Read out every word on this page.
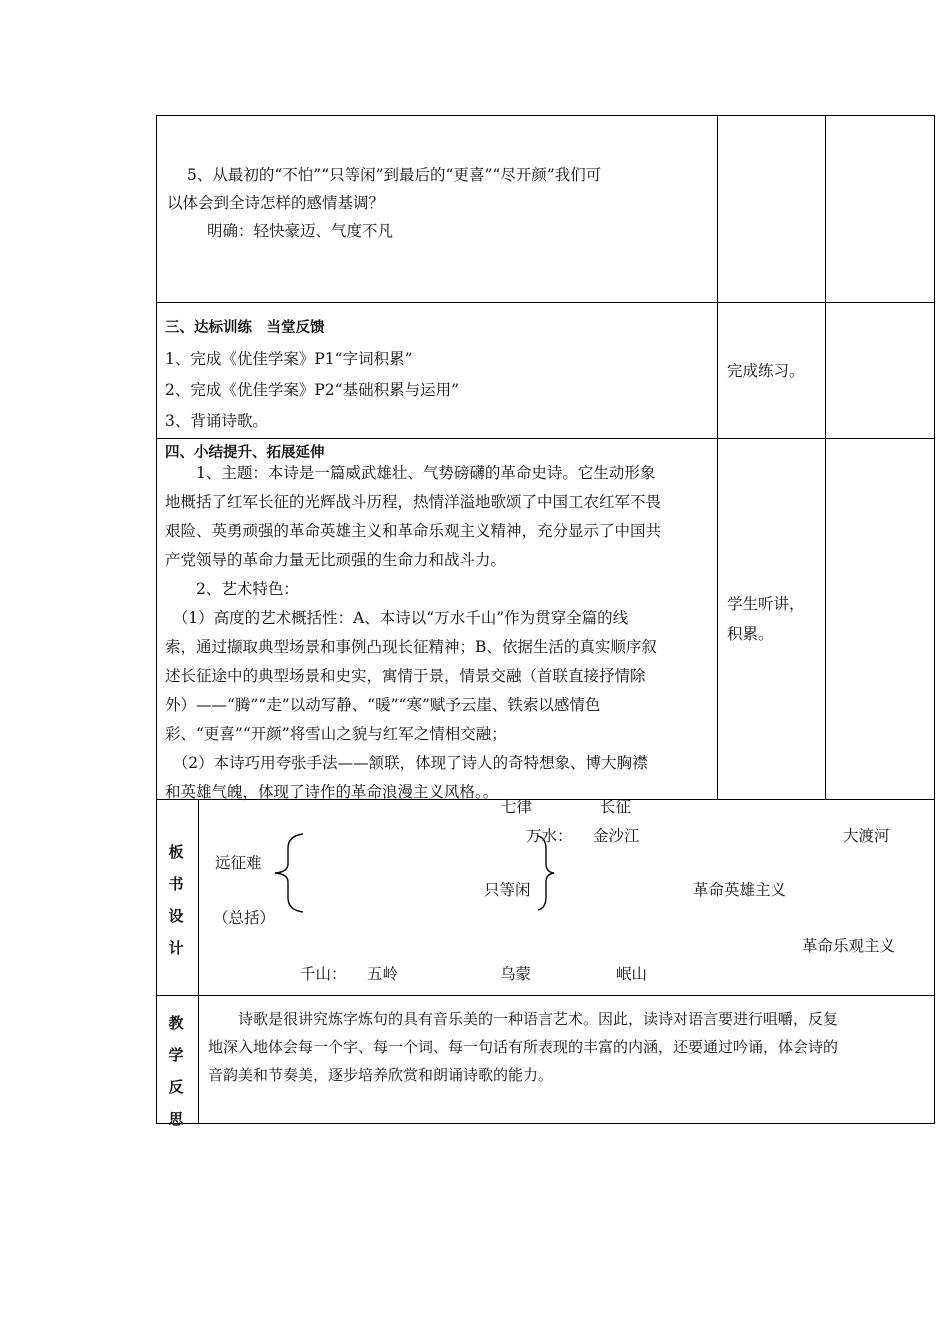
5、从最初的“不怕”“只等闲”到最后的“更喜”“尽开颜”我们可
以体会到全诗怎样的感情基调？
明确：轻快豪迈、气度不凡
三、达标训练　当堂反馈
1、完成《优佳学案》P1“字词积累”
2、完成《优佳学案》P2“基础积累与运用”
3、背诵诗歌。
完成练习。
四、小结提升、拓展延伸

　　1、主题：本诗是一篇威武雄壮、气势磅礴的革命史诗。它生动形象

地概括了红军长征的光辉战斗历程，热情洋溢地歌颂了中国工农红军不畏

艰险、英勇顽强的革命英雄主义和革命乐观主义精神，充分显示了中国共

产党领导的革命力量无比顽强的生命力和战斗力。

　　2、艺术特色：

　（1）高度的艺术概括性：A、本诗以“万水千山”作为贯穿全篇的线

索，通过撷取典型场景和事例凸现长征精神；B、依据生活的真实顺序叙

述长征途中的典型场景和史实，寓情于景，情景交融（首联直接抒情除

外）——“腾”“走”以动写静、“暖”“寒”赋予云崖、铁索以感情色

彩、“更喜”“开颜”将雪山之貌与红军之情相交融；

　（2）本诗巧用夸张手法——颔联，体现了诗人的奇特想象、博大胸襟

和英雄气魄，体现了诗作的革命浪漫主义风格。。

学生听讲，
积累。
板
书
设
计
七律	长征
万水： 金沙江	大渡河
远征难
只等闲	革命英雄主义
（总括）
革命乐观主义
千山： 五岭	乌蒙	岷山
教
学
反
思

　　诗歌是很讲究炼字炼句的具有音乐美的一种语言艺术。因此，读诗对语言要进行咀嚼，反复

地深入地体会每一个字、每一个词、每一句话有所表现的丰富的内涵，还要通过吟诵，体会诗的

音韵美和节奏美，逐步培养欣赏和朗诵诗歌的能力。
